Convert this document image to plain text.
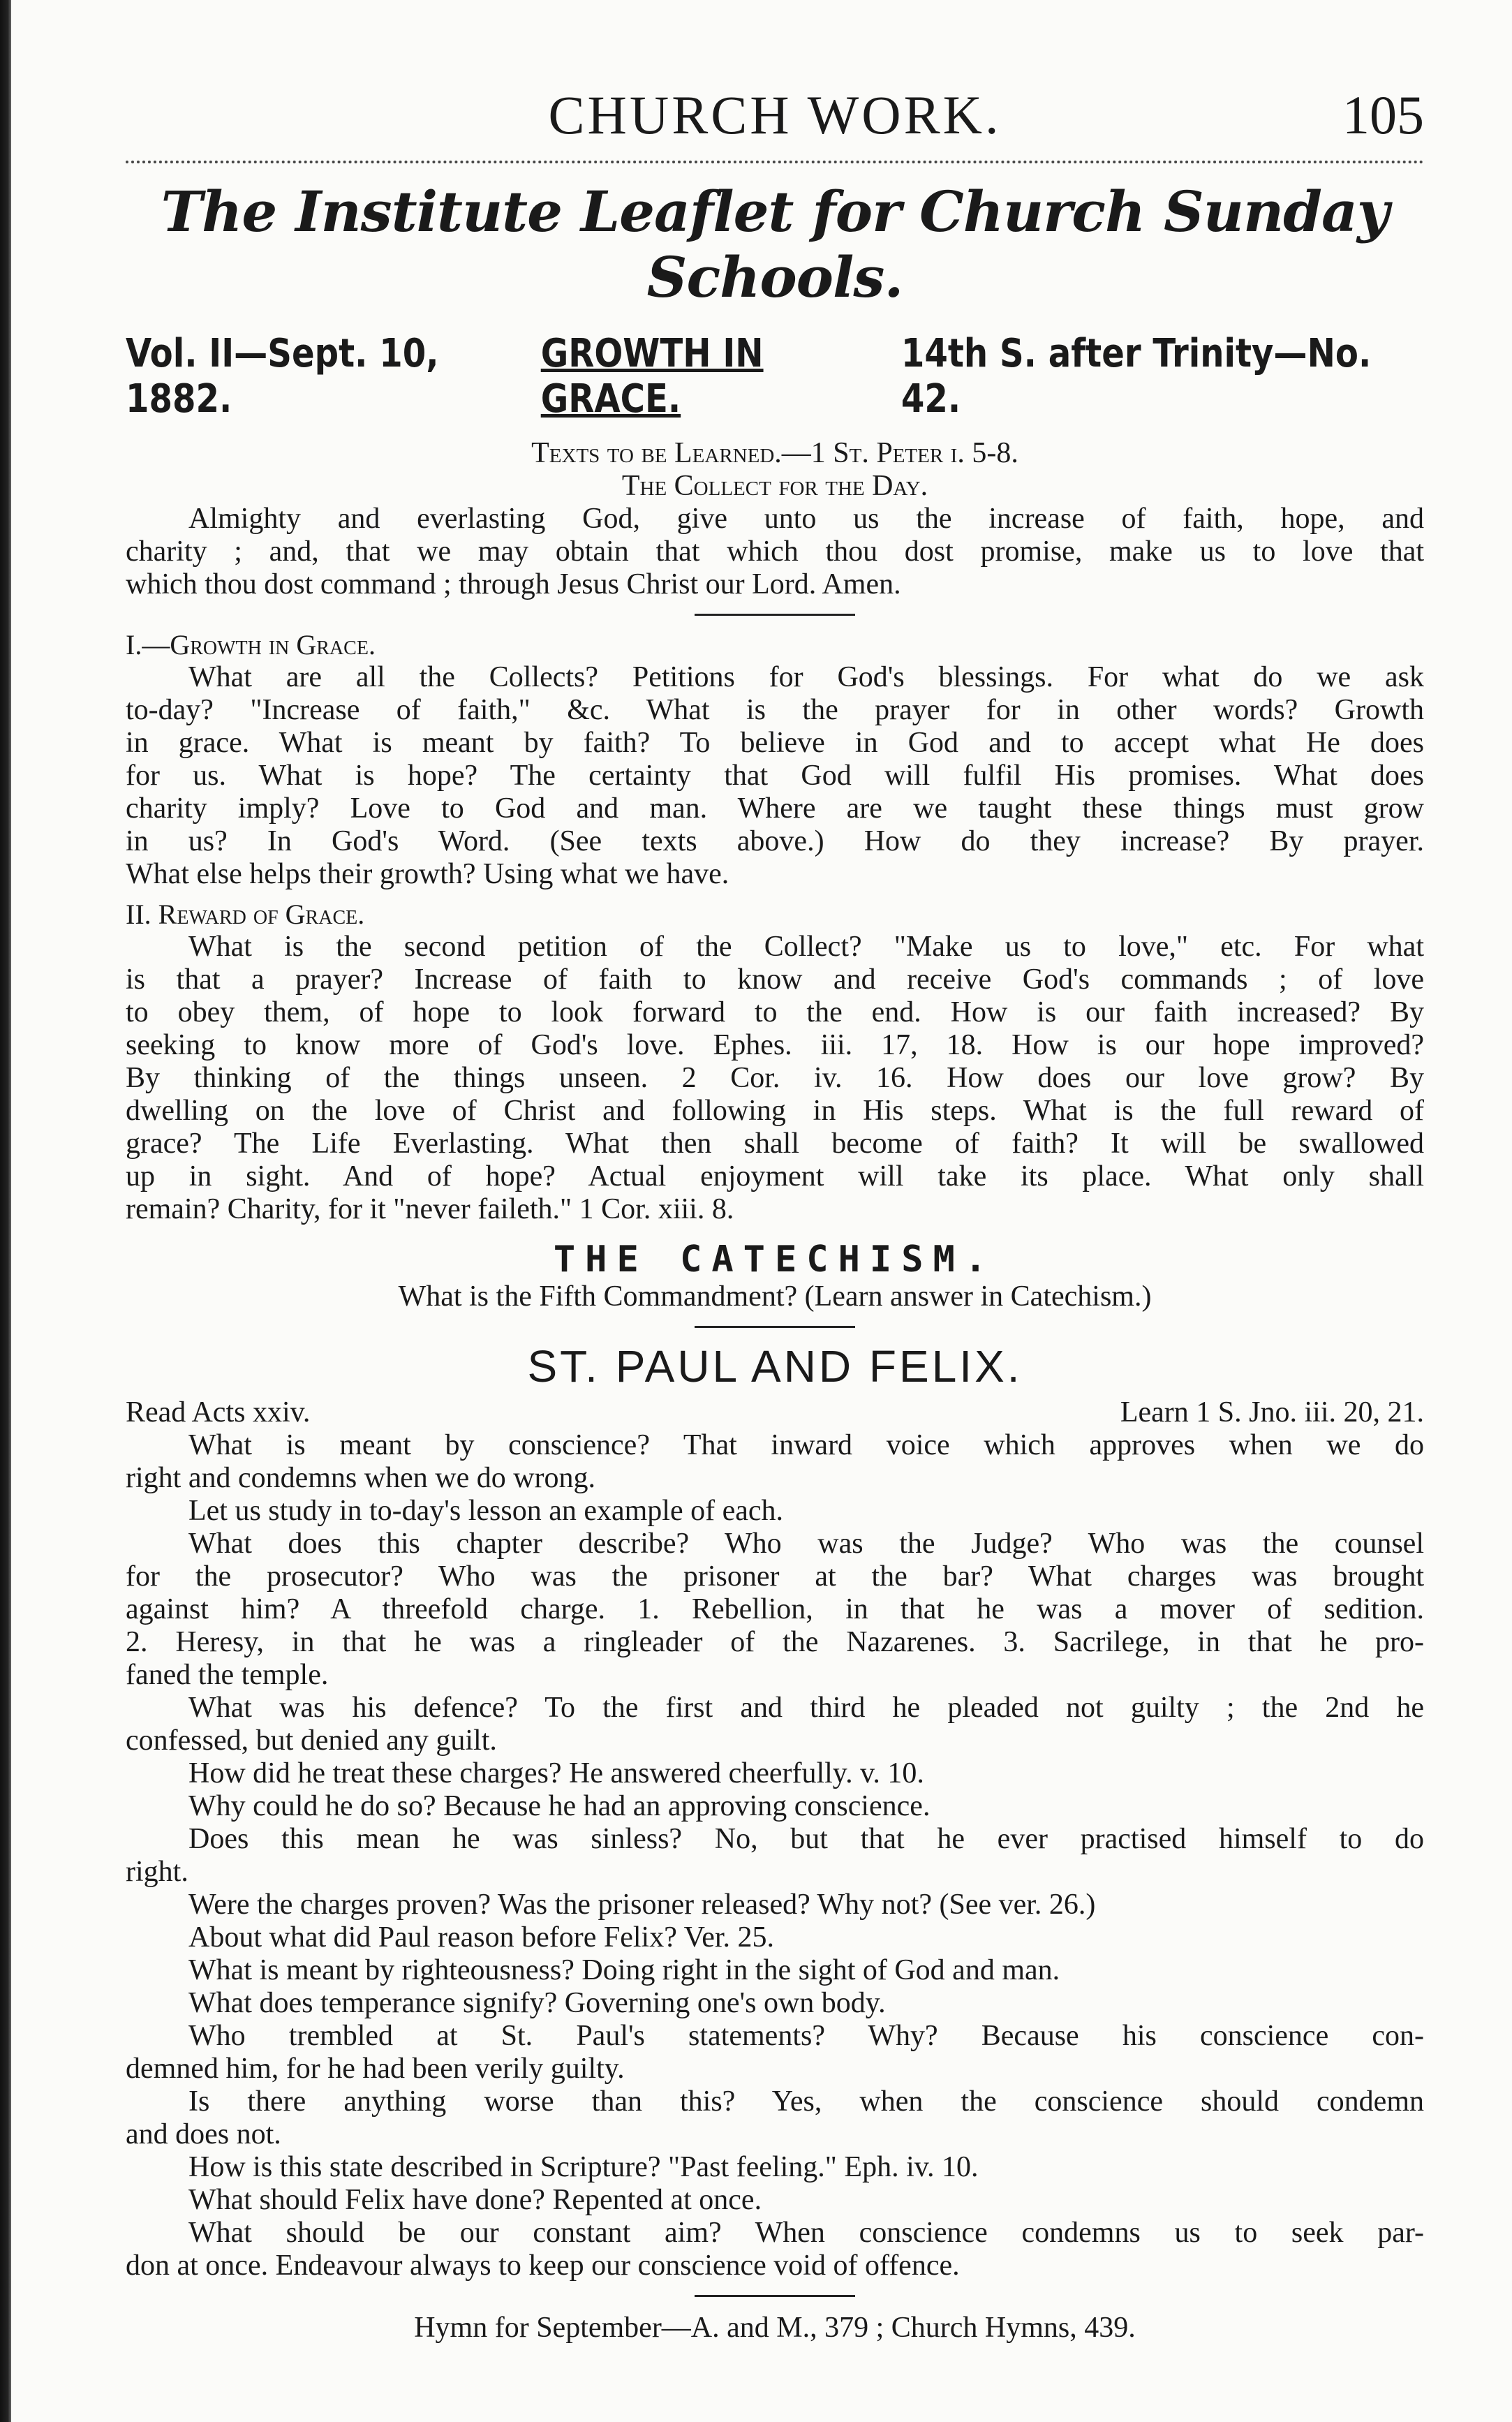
CHURCH WORK.	105
The Institute Leaflet for Church Sunday Schools.
Vol. II—Sept. 10, 1882.
GROWTH IN GRACE.
14th S. after Trinity—No. 42.

Texts to be Learned.—1 St. Peter i. 5-8.

The Collect for the Day.

Almighty and everlasting God, give unto us the increase of faith, hope, and

charity ; and, that we may obtain that which thou dost promise, make us to love that

which thou dost command ; through Jesus Christ our Lord. Amen.

I.—Growth in Grace.

What are all the Collects? Petitions for God's blessings. For what do we ask

to-day? "Increase of faith," &c. What is the prayer for in other words? Growth

in grace. What is meant by faith? To believe in God and to accept what He does

for us. What is hope? The certainty that God will fulfil His promises. What does

charity imply? Love to God and man. Where are we taught these things must grow

in us? In God's Word. (See texts above.) How do they increase? By prayer.

What else helps their growth? Using what we have.

II. Reward of Grace.

What is the second petition of the Collect? "Make us to love," etc. For what

is that a prayer? Increase of faith to know and receive God's commands ; of love

to obey them, of hope to look forward to the end. How is our faith increased? By

seeking to know more of God's love. Ephes. iii. 17, 18. How is our hope improved?

By thinking of the things unseen. 2 Cor. iv. 16. How does our love grow? By

dwelling on the love of Christ and following in His steps. What is the full reward of

grace? The Life Everlasting. What then shall become of faith? It will be swallowed

up in sight. And of hope? Actual enjoyment will take its place. What only shall

remain? Charity, for it "never faileth." 1 Cor. xiii. 8.

THE CATECHISM.

What is the Fifth Commandment? (Learn answer in Catechism.)

ST. PAUL AND FELIX.
Read Acts xxiv.	Learn 1 S. Jno. iii. 20, 21.

What is meant by conscience? That inward voice which approves when we do

right and condemns when we do wrong.

Let us study in to-day's lesson an example of each.

What does this chapter describe? Who was the Judge? Who was the counsel

for the prosecutor? Who was the prisoner at the bar? What charges was brought

against him? A threefold charge. 1. Rebellion, in that he was a mover of sedition.

2. Heresy, in that he was a ringleader of the Nazarenes. 3. Sacrilege, in that he pro-

faned the temple.

What was his defence? To the first and third he pleaded not guilty ; the 2nd he

confessed, but denied any guilt.

How did he treat these charges? He answered cheerfully. v. 10.

Why could he do so? Because he had an approving conscience.

Does this mean he was sinless? No, but that he ever practised himself to do

right.

Were the charges proven? Was the prisoner released? Why not? (See ver. 26.)

About what did Paul reason before Felix? Ver. 25.

What is meant by righteousness? Doing right in the sight of God and man.

What does temperance signify? Governing one's own body.

Who trembled at St. Paul's statements? Why? Because his conscience con-

demned him, for he had been verily guilty.

Is there anything worse than this? Yes, when the conscience should condemn

and does not.

How is this state described in Scripture? "Past feeling." Eph. iv. 10.

What should Felix have done? Repented at once.

What should be our constant aim? When conscience condemns us to seek par-

don at once. Endeavour always to keep our conscience void of offence.

Hymn for September—A. and M., 379 ; Church Hymns, 439.
